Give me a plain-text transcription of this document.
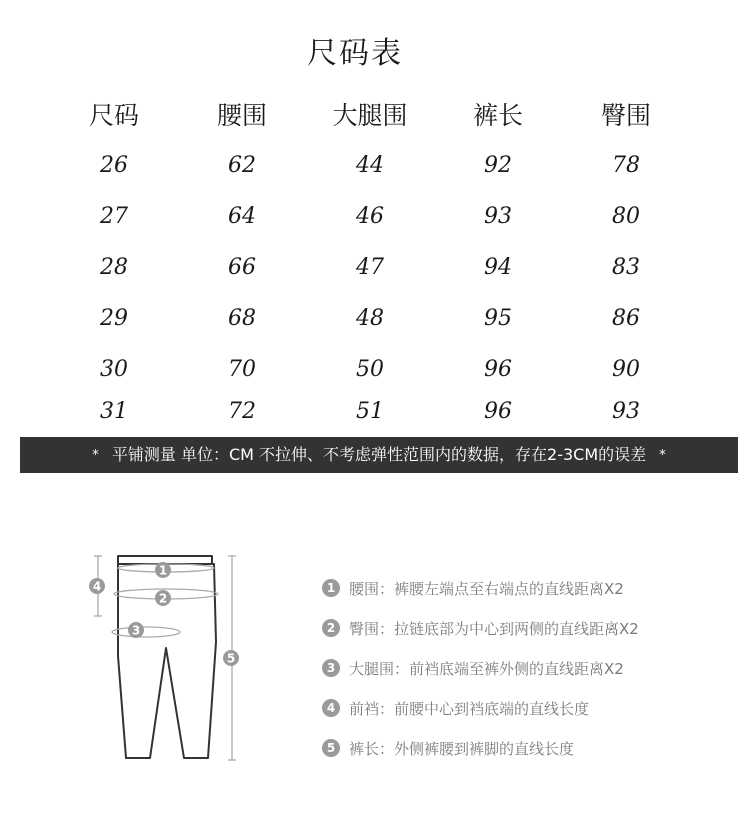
尺码表
尺码	腰围	大腿围	裤长	臀围
26	62	44	92	78
27	64	46	93	80
28	66	47	94	83
29	68	48	95	86
30	70	50	96	90
31	72	51	96	93
* 平铺测量 单位：CM 不拉伸、不考虑弹性范围内的数据，存在2-3CM的误差 *
1
2
3
4
5
1 腰围 ：裤腰左端点至右端点的直线距离X2
2 臀围 ：拉链底部为中心到两侧的直线距离X2
3 大腿围 ：前裆底端至裤外侧的直线距离X2
4 前裆 ：前腰中心到裆底端的直线长度
5 裤长 ：外侧裤腰到裤脚的直线长度
